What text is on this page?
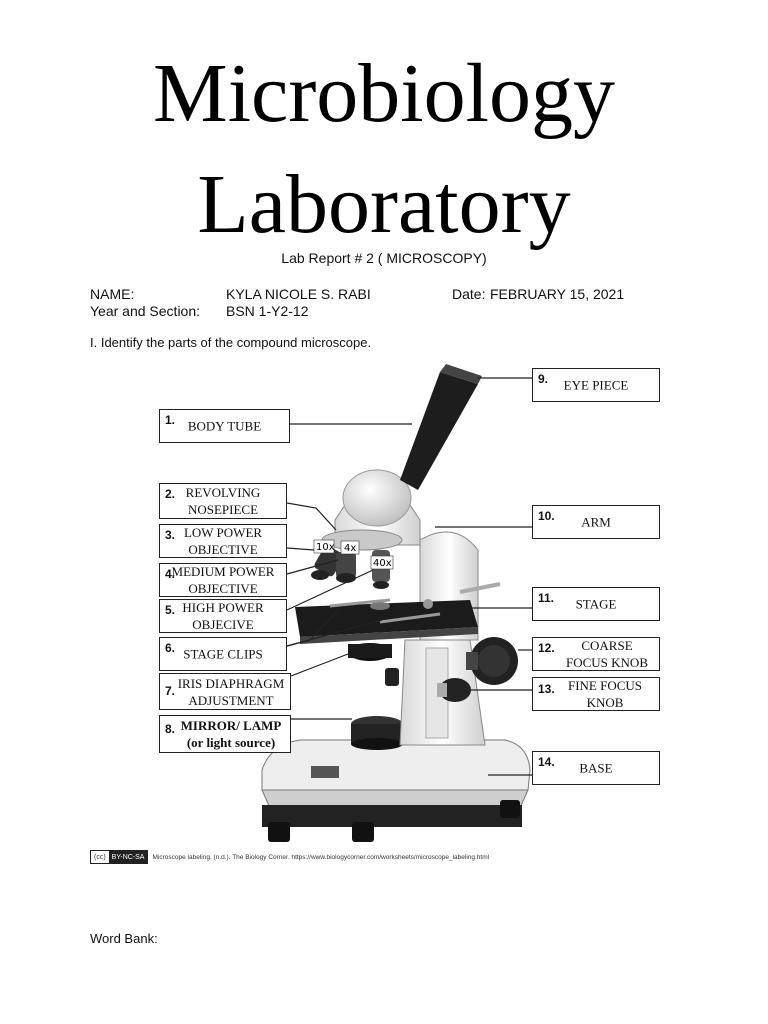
Microbiology
Laboratory
Lab Report # 2 ( MICROSCOPY)
NAME:	KYLA NICOLE S. RABI	Date: FEBRUARY 15, 2021
Year and Section: BSN 1-Y2-12
I. Identify the parts of the compound microscope.
10x 4x
40x
1. BODY TUBE
2. REVOLVING
NOSEPIECE
3. LOW POWER
OBJECTIVE
4.
MEDIUM POWER
OBJECTIVE
5. HIGH POWER
OBJECIVE
6. STAGE CLIPS
7.
IRIS DIAPHRAGM
ADJUSTMENT
8. MIRROR/ LAMP
(or light source)
9.	EYE PIECE
10.	ARM
11.	STAGE
12.	COARSE
FOCUS KNOB
13.	FINE FOCUS
KNOB
14.	BASE
(cc) BY-NC-SA	Microscope labeling. (n.d.). The Biology Corner. https://www.biologycorner.com/worksheets/microscope_labeling.html
Word Bank:
